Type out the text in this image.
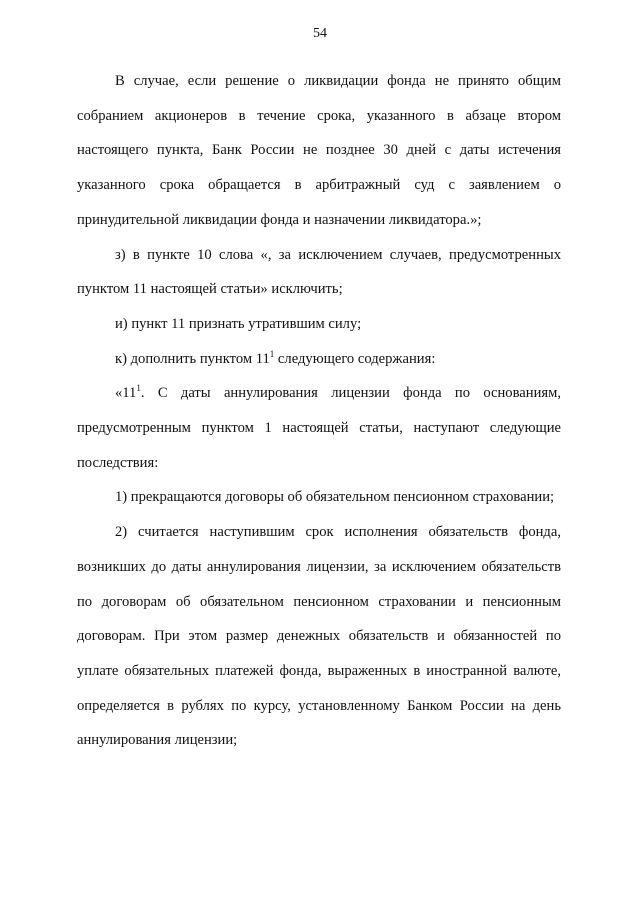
54

В случае, если решение о ликвидации фонда не принято общим собранием акционеров в течение срока, указанного в абзаце втором настоящего пункта, Банк России не позднее 30 дней с даты истечения указанного срока обращается в арбитражный суд с заявлением о принудительной ликвидации фонда и назначении ликвидатора.»;

з) в пункте 10 слова «, за исключением случаев, предусмотренных пунктом 11 настоящей статьи» исключить;

и) пункт 11 признать утратившим силу;

к) дополнить пунктом $11^1$ следующего содержания:

«$11^1$. С даты аннулирования лицензии фонда по основаниям, предусмотренным пунктом 1 настоящей статьи, наступают следующие последствия:

1) прекращаются договоры об обязательном пенсионном страховании;

2) считается наступившим срок исполнения обязательств фонда, возникших до даты аннулирования лицензии, за исключением обязательств по договорам об обязательном пенсионном страховании и пенсионным договорам. При этом размер денежных обязательств и обязанностей по уплате обязательных платежей фонда, выраженных в иностранной валюте, определяется в рублях по курсу, установленному Банком России на день аннулирования лицензии;
